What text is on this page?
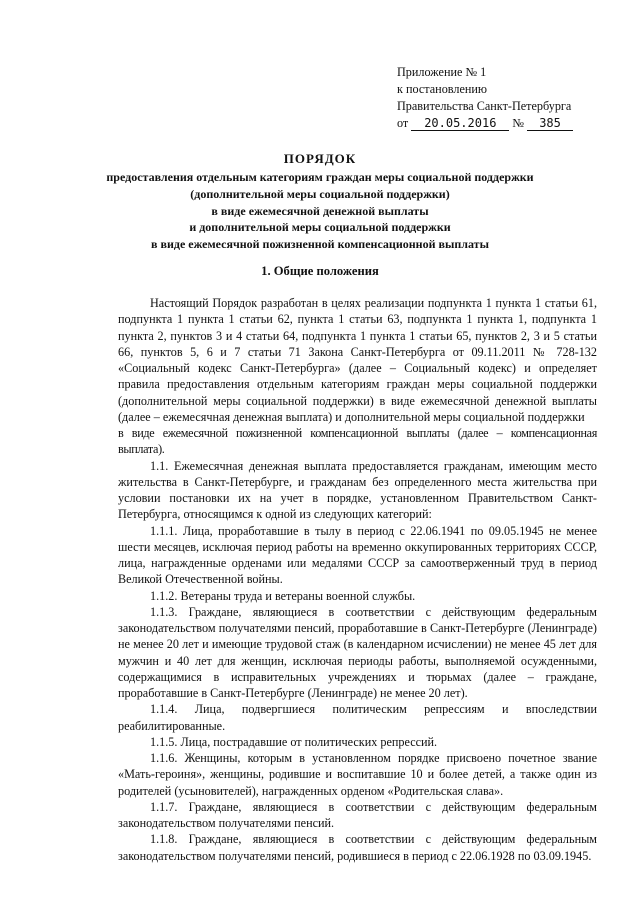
Приложение № 1
к постановлению
Правительства Санкт-Петербурга
от 20.05.2016 № 385
ПОРЯДОК
предоставления отдельным категориям граждан меры социальной поддержки
(дополнительной меры социальной поддержки)
в виде ежемесячной денежной выплаты
и дополнительной меры социальной поддержки
в виде ежемесячной пожизненной компенсационной выплаты
1. Общие положения

Настоящий Порядок разработан в целях реализации подпункта 1 пункта 1 статьи 61, подпункта 1 пункта 1 статьи 62, пункта 1 статьи 63, подпункта 1 пункта 1, подпункта 1 пункта 2, пунктов 3 и 4 статьи 64, подпункта 1 пункта 1 статьи 65, пунктов 2, 3 и 5 статьи 66, пунктов 5, 6 и 7 статьи 71 Закона Санкт-Петербурга от 09.11.2011 № 728-132 «Социальный кодекс Санкт-Петербурга» (далее – Социальный кодекс) и определяет правила предоставления отдельным категориям граждан меры социальной поддержки (дополнительной меры социальной поддержки) в виде ежемесячной денежной выплаты (далее – ежемесячная денежная выплата) и дополнительной меры социальной поддержки

в виде ежемесячной пожизненной компенсационной выплаты (далее – компенсационная выплата).

1.1. Ежемесячная денежная выплата предоставляется гражданам, имеющим место жительства в Санкт-Петербурге, и гражданам без определенного места жительства при условии постановки их на учет в порядке, установленном Правительством Санкт-Петербурга, относящимся к одной из следующих категорий:

1.1.1. Лица, проработавшие в тылу в период с 22.06.1941 по 09.05.1945 не менее шести месяцев, исключая период работы на временно оккупированных территориях СССР, лица, награжденные орденами или медалями СССР за самоотверженный труд в период Великой Отечественной войны.

1.1.2. Ветераны труда и ветераны военной службы.

1.1.3. Граждане, являющиеся в соответствии с действующим федеральным законодательством получателями пенсий, проработавшие в Санкт-Петербурге (Ленинграде) не менее 20 лет и имеющие трудовой стаж (в календарном исчислении) не менее 45 лет для мужчин и 40 лет для женщин, исключая периоды работы, выполняемой осужденными, содержащимися в исправительных учреждениях и тюрьмах (далее – граждане, проработавшие в Санкт-Петербурге (Ленинграде) не менее 20 лет).

1.1.4. Лица, подвергшиеся политическим репрессиям и впоследствии реабилитированные.

1.1.5. Лица, пострадавшие от политических репрессий.

1.1.6. Женщины, которым в установленном порядке присвоено почетное звание «Мать-героиня», женщины, родившие и воспитавшие 10 и более детей, а также один из родителей (усыновителей), награжденных орденом «Родительская слава».

1.1.7. Граждане, являющиеся в соответствии с действующим федеральным законодательством получателями пенсий.

1.1.8. Граждане, являющиеся в соответствии с действующим федеральным законодательством получателями пенсий, родившиеся в период с 22.06.1928 по 03.09.1945.
